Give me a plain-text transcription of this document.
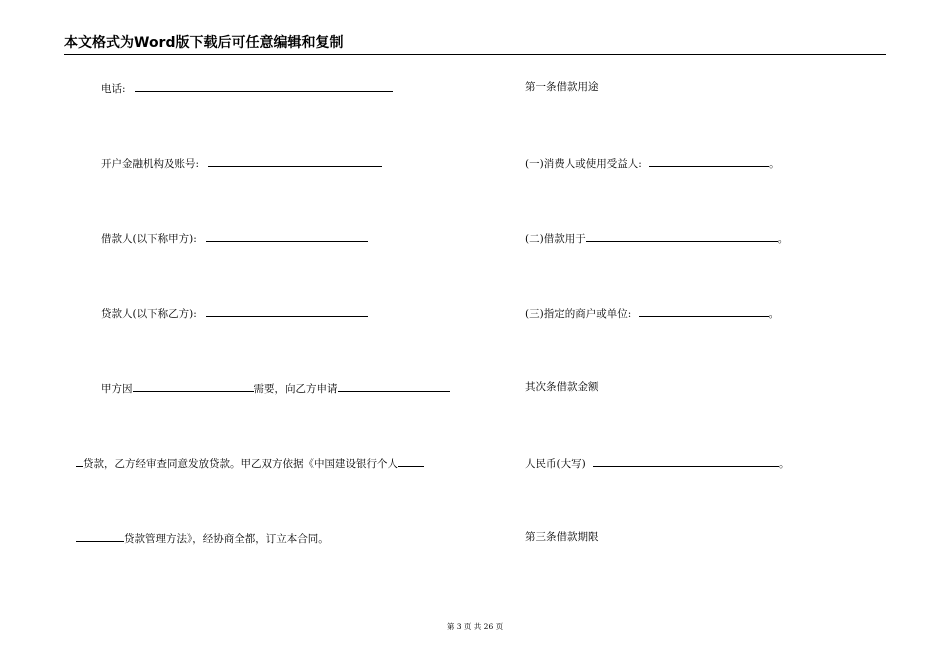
本文格式为Word版下载后可任意编辑和复制
电话:
开户金融机构及账号:
借款人(以下称甲方):
贷款人(以下称乙方):
甲方因	需要，向乙方申请
贷款，乙方经审查同意发放贷款。甲乙双方依据《中国建设银行个人
贷款管理方法》，经协商全都，订立本合同。
第一条借款用途
(一)消费人或使用受益人:	。
(二)借款用于	。
(三)指定的商户或单位:	。
其次条借款金额
人民币(大写)	。
第三条借款期限
第 3 页 共 26 页
